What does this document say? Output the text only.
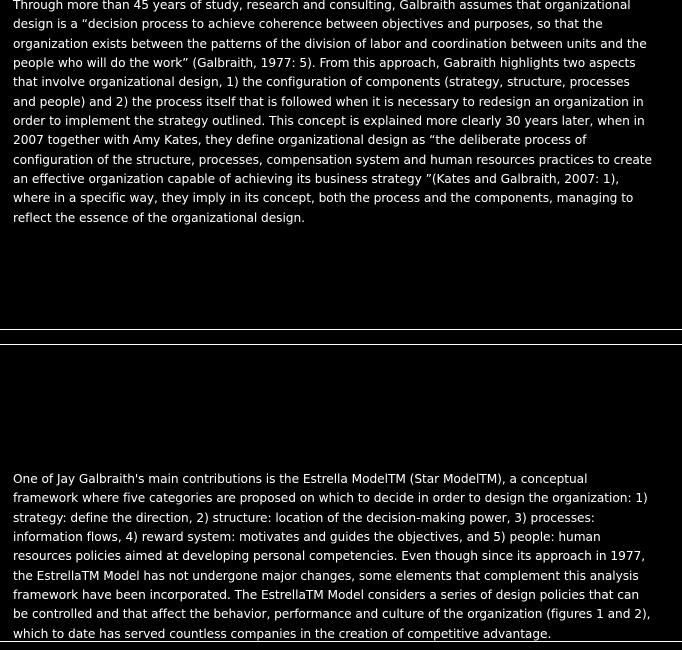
Through more than 45 years of study, research and consulting, Galbraith assumes that organizational design is a “decision process to achieve coherence between objectives and purposes, so that the organization exists between the patterns of the division of labor and coordination between units and the people who will do the work” (Galbraith, 1977: 5). From this approach, Gabraith highlights two aspects that involve organizational design, 1) the configuration of components (strategy, structure, processes and people) and 2) the process itself that is followed when it is necessary to redesign an organization in order to implement the strategy outlined. This concept is explained more clearly 30 years later, when in 2007 together with Amy Kates, they define organizational design as “the deliberate process of configuration of the structure, processes, compensation system and human resources practices to create an effective organization capable of achieving its business strategy ”(Kates and Galbraith, 2007: 1), where in a specific way, they imply in its concept, both the process and the components, managing to reflect the essence of the organizational design.

One of Jay Galbraith's main contributions is the Estrella ModelTM (Star ModelTM), a conceptual framework where five categories are proposed on which to decide in order to design the organization: 1) strategy: define the direction, 2) structure: location of the decision-making power, 3) processes: information flows, 4) reward system: motivates and guides the objectives, and 5) people: human resources policies aimed at developing personal competencies. Even though since its approach in 1977, the EstrellaTM Model has not undergone major changes, some elements that complement this analysis framework have been incorporated. The EstrellaTM Model considers a series of design policies that can be controlled and that affect the behavior, performance and culture of the organization (figures 1 and 2), which to date has served countless companies in the creation of competitive advantage.
